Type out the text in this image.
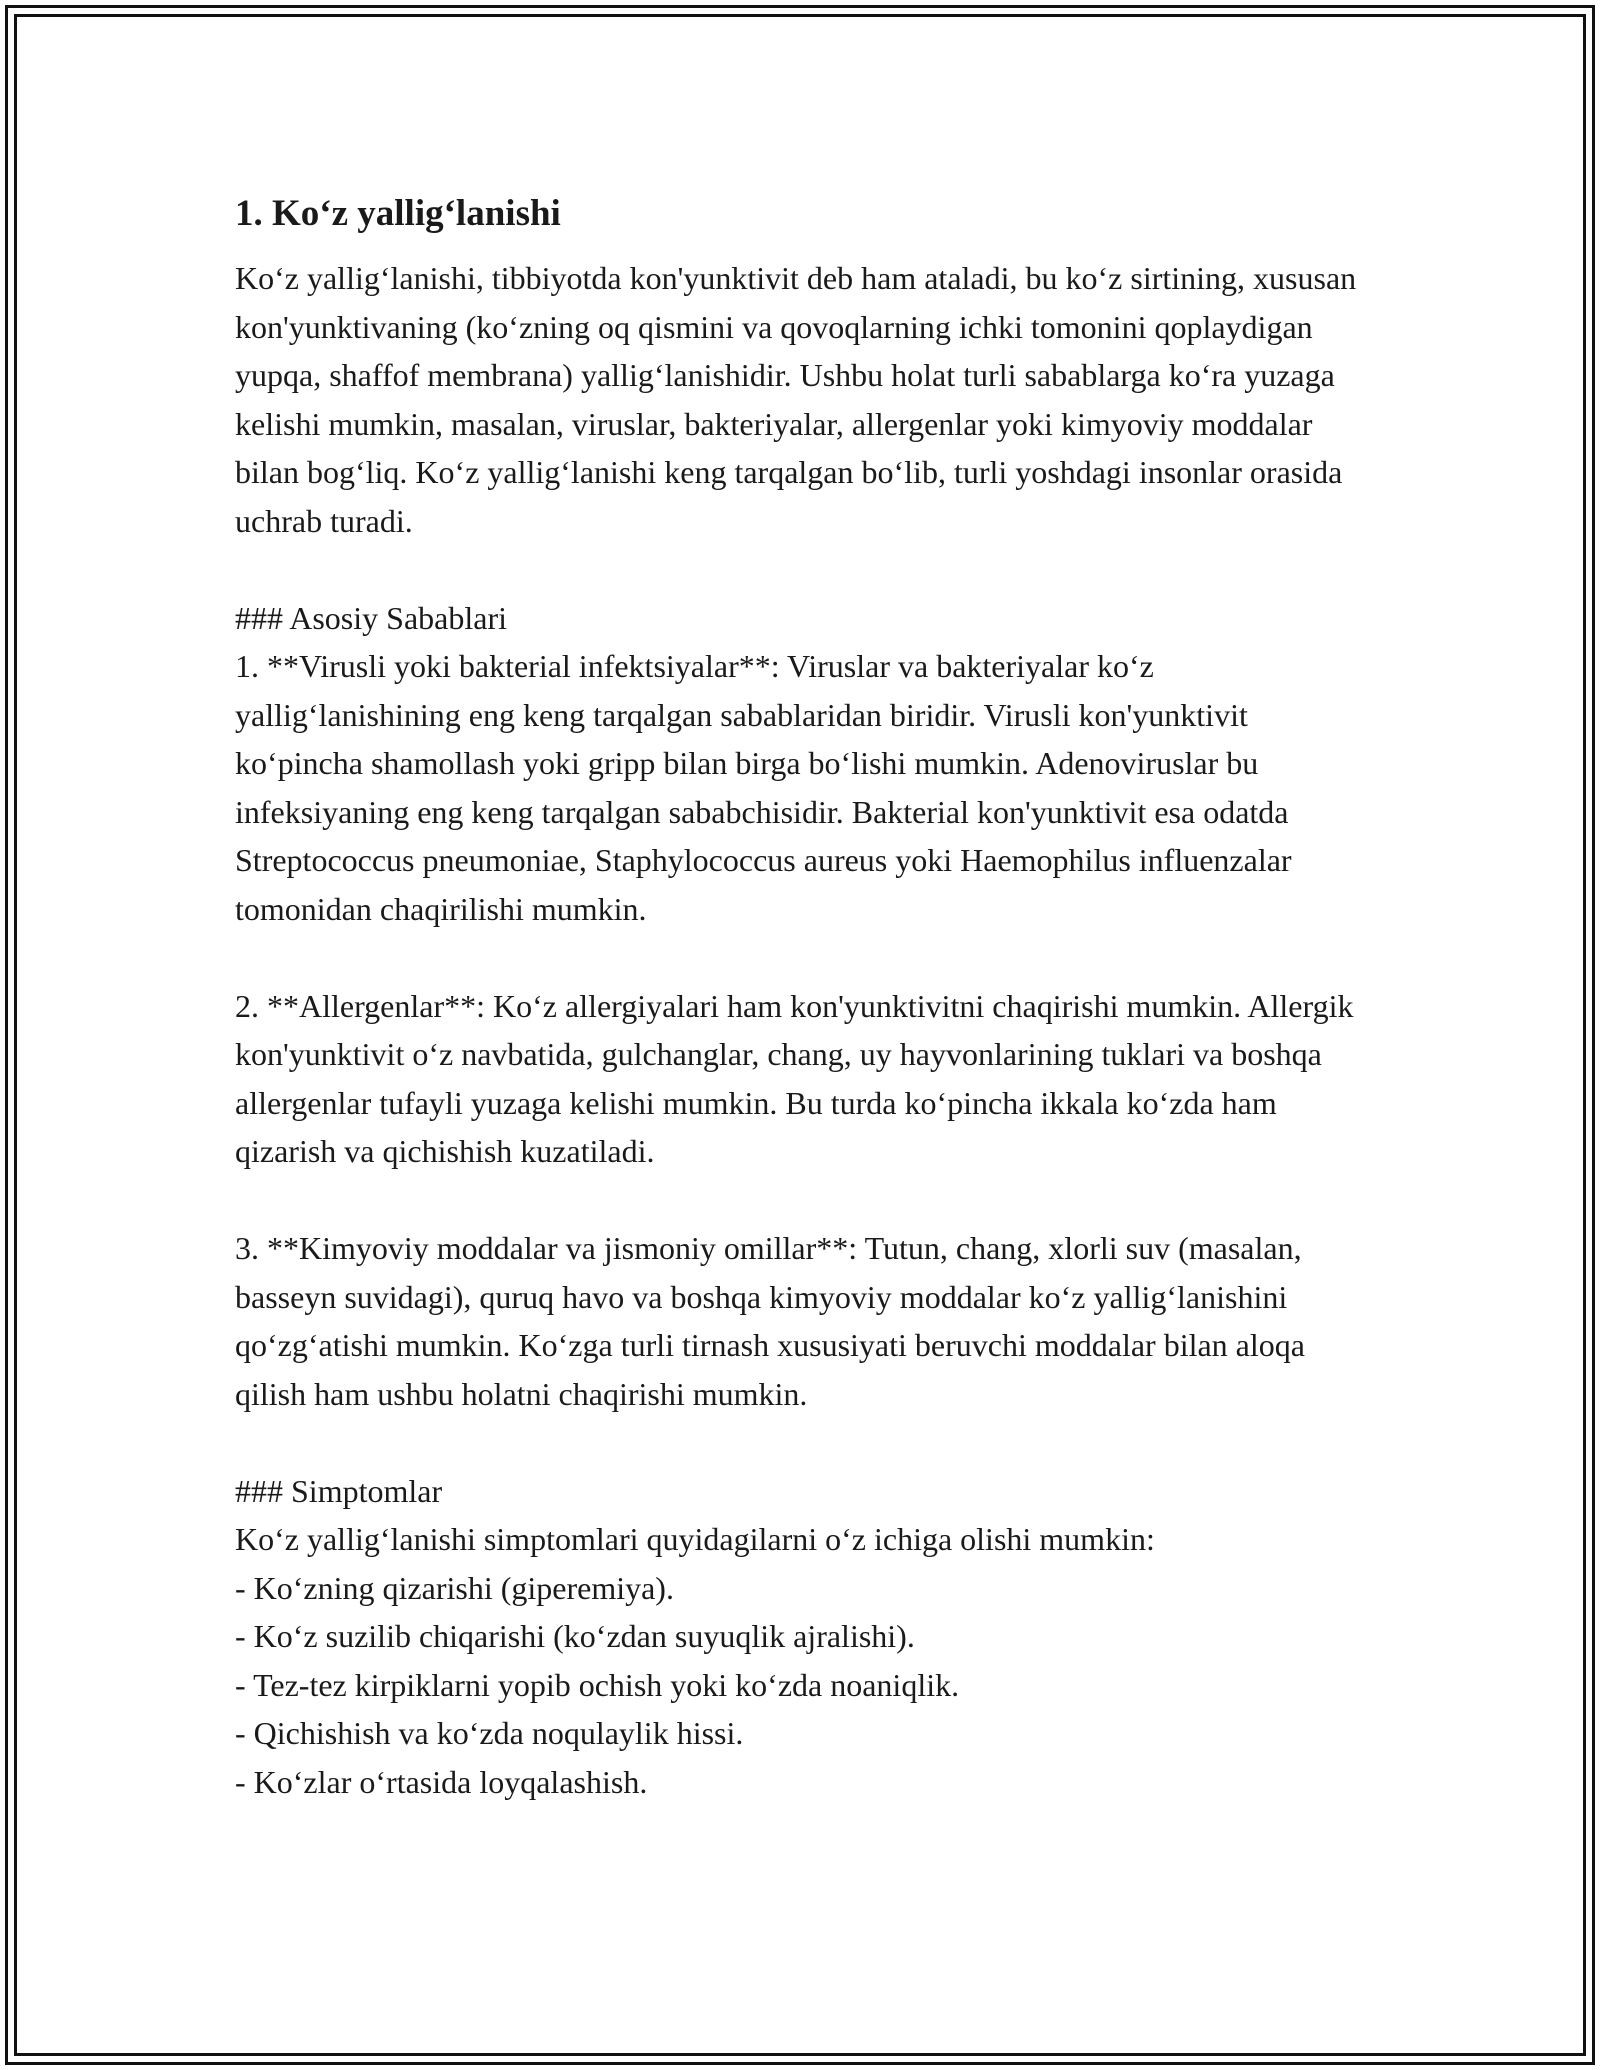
1. Ko‘z yallig‘lanishi

Ko‘z yallig‘lanishi, tibbiyotda kon'yunktivit deb ham ataladi, bu ko‘z sirtining, xususan kon'yunktivaning (ko‘zning oq qismini va qovoqlarning ichki tomonini qoplaydigan yupqa, shaffof membrana) yallig‘lanishidir. Ushbu holat turli sabablarga ko‘ra yuzaga kelishi mumkin, masalan, viruslar, bakteriyalar, allergenlar yoki kimyoviy moddalar bilan bog‘liq. Ko‘z yallig‘lanishi keng tarqalgan bo‘lib, turli yoshdagi insonlar orasida uchrab turadi.

### Asosiy Sabablari

1. **Virusli yoki bakterial infektsiyalar**: Viruslar va bakteriyalar ko‘z yallig‘lanishining eng keng tarqalgan sabablaridan biridir. Virusli kon'yunktivit ko‘pincha shamollash yoki gripp bilan birga bo‘lishi mumkin. Adenoviruslar bu infeksiyaning eng keng tarqalgan sababchisidir. Bakterial kon'yunktivit esa odatda Streptococcus pneumoniae, Staphylococcus aureus yoki Haemophilus influenzalar tomonidan chaqirilishi mumkin.

2. **Allergenlar**: Ko‘z allergiyalari ham kon'yunktivitni chaqirishi mumkin. Allergik kon'yunktivit o‘z navbatida, gulchanglar, chang, uy hayvonlarining tuklari va boshqa allergenlar tufayli yuzaga kelishi mumkin. Bu turda ko‘pincha ikkala ko‘zda ham qizarish va qichishish kuzatiladi.

3. **Kimyoviy moddalar va jismoniy omillar**: Tutun, chang, xlorli suv (masalan, basseyn suvidagi), quruq havo va boshqa kimyoviy moddalar ko‘z yallig‘lanishini qo‘zg‘atishi mumkin. Ko‘zga turli tirnash xususiyati beruvchi moddalar bilan aloqa qilish ham ushbu holatni chaqirishi mumkin.

### Simptomlar

Ko‘z yallig‘lanishi simptomlari quyidagilarni o‘z ichiga olishi mumkin:

- Ko‘zning qizarishi (giperemiya).

- Ko‘z suzilib chiqarishi (ko‘zdan suyuqlik ajralishi).

- Tez-tez kirpiklarni yopib ochish yoki ko‘zda noaniqlik.

- Qichishish va ko‘zda noqulaylik hissi.

- Ko‘zlar o‘rtasida loyqalashish.
